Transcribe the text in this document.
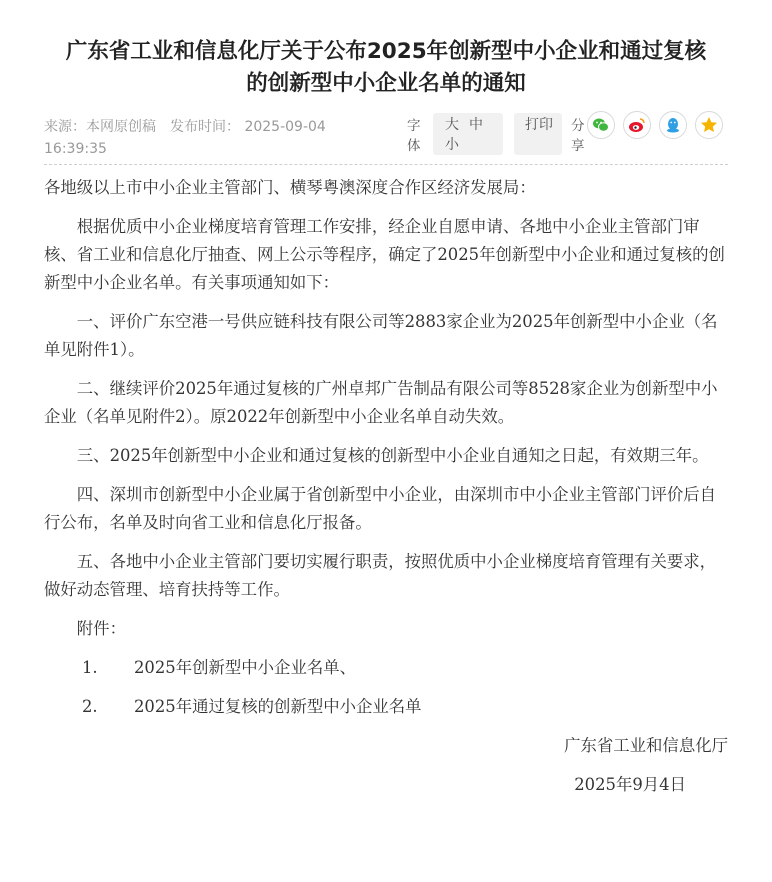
广东省工业和信息化厅关于公布2025年创新型中小企业和通过复核
的创新型中小企业名单的通知
来源：本网原创稿 发布时间： 2025-09-04
16:39:35
字体
大 中小
打印	分享

各地级以上市中小企业主管部门、横琴粤澳深度合作区经济发展局：

根据优质中小企业梯度培育管理工作安排，经企业自愿申请、各地中小企业主管部门审核、省工业和信息化厅抽查、网上公示等程序，确定了2025年创新型中小企业和通过复核的创新型中小企业名单。有关事项通知如下：

一、评价广东空港一号供应链科技有限公司等2883家企业为2025年创新型中小企业（名单见附件1）。

二、继续评价2025年通过复核的广州卓邦广告制品有限公司等8528家企业为创新型中小企业（名单见附件2）。原2022年创新型中小企业名单自动失效。

三、2025年创新型中小企业和通过复核的创新型中小企业自通知之日起，有效期三年。

四、深圳市创新型中小企业属于省创新型中小企业，由深圳市中小企业主管部门评价后自行公布，名单及时向省工业和信息化厅报备。

五、各地中小企业主管部门要切实履行职责，按照优质中小企业梯度培育管理有关要求，做好动态管理、培育扶持等工作。

附件：

1. 2025年创新型中小企业名单、

2. 2025年通过复核的创新型中小企业名单

广东省工业和信息化厅

2025年9月4日
